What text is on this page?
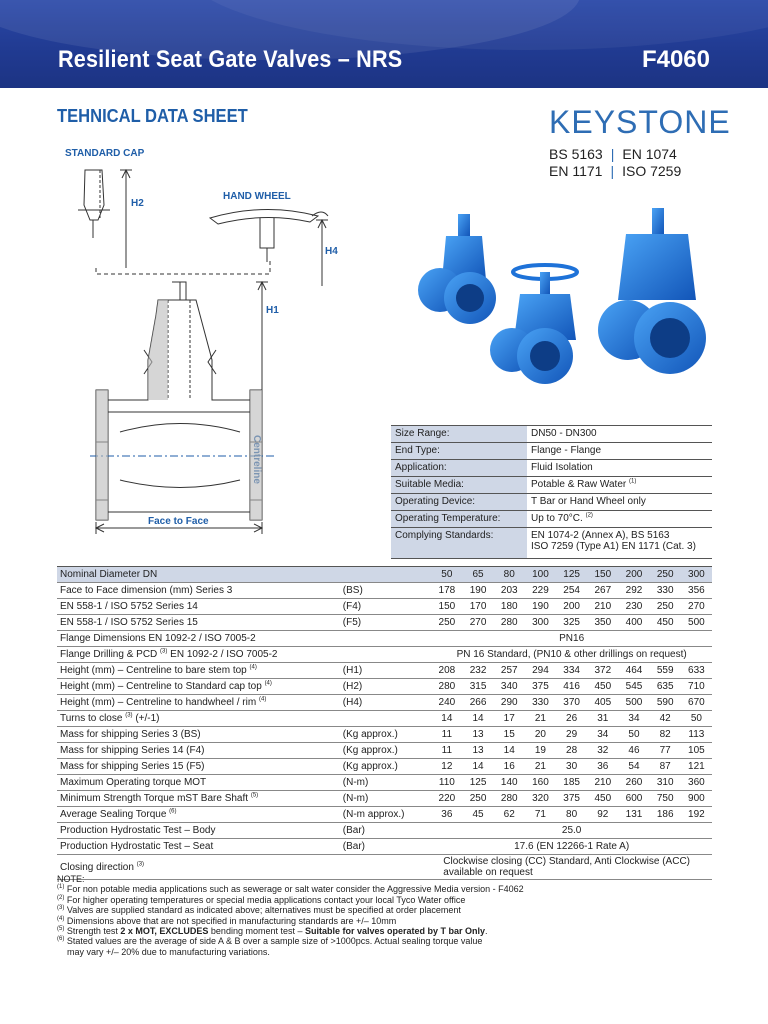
Resilient Seat Gate Valves – NRS	F4060
TEHNICAL DATA SHEET	KEYSTONE
BS 5163 | EN 1074
EN 1171 | ISO 7259
STANDARD CAP
HAND WHEEL
H2
H4
H1
Face to Face
Size Range:	DN50 - DN300
End Type:	Flange - Flange
Application:	Fluid Isolation
Suitable Media:	Potable & Raw Water $^{(1)}$
Operating Device:	T Bar or Hand Wheel only
Operating Temperature:	Up to 70°C. $^{(2)}$
Complying Standards:	EN 1074-2 (Annex A), BS 5163
ISO 7259 (Type A1) EN 1171 (Cat. 3)
Nominal Diameter DN		50	65	80	100	125	150	200	250	300
Face to Face dimension (mm) Series 3	(BS)	178	190	203	229	254	267	292	330	356
EN 558-1 / ISO 5752 Series 14	(F4)	150	170	180	190	200	210	230	250	270
EN 558-1 / ISO 5752 Series 15	(F5)	250	270	280	300	325	350	400	450	500
Flange Dimensions EN 1092-2 / ISO 7005-2		PN16								
Flange Drilling & PCD $^{(3)}$ EN 1092-2 / ISO 7005-2		PN 16 Standard, (PN10 & other drillings on request)								
Height (mm) – Centreline to bare stem top $^{(4)}$	(H1)	208	232	257	294	334	372	464	559	633
Height (mm) – Centreline to Standard cap top $^{(4)}$	(H2)	280	315	340	375	416	450	545	635	710
Height (mm) – Centreline to handwheel / rim $^{(4)}$	(H4)	240	266	290	330	370	405	500	590	670
Turns to close $^{(3)}$ (+/-1)		14	14	17	21	26	31	34	42	50
Mass for shipping Series 3 (BS)	(Kg approx.)	11	13	15	20	29	34	50	82	113
Mass for shipping Series 14 (F4)	(Kg approx.)	11	13	14	19	28	32	46	77	105
Mass for shipping Series 15 (F5)	(Kg approx.)	12	14	16	21	30	36	54	87	121
Maximum Operating torque MOT	(N-m)	110	125	140	160	185	210	260	310	360
Minimum Strength Torque mST Bare Shaft $^{(5)}$	(N-m)	220	250	280	320	375	450	600	750	900
Average Sealing Torque $^{(6)}$	(N-m approx.)	36	45	62	71	80	92	131	186	192
Production Hydrostatic Test – Body	(Bar)	25.0								
Production Hydrostatic Test – Seat	(Bar)	17.6 (EN 12266-1 Rate A)								
Closing direction $^{(3)}$		Clockwise closing (CC) Standard, Anti Clockwise (ACC)
available on request								
NOTE:
$^{(1)}$ For non potable media applications such as sewerage or salt water consider the Aggressive Media version - F4062
$^{(2)}$ For higher operating temperatures or special media applications contact your local Tyco Water office
$^{(3)}$ Valves are supplied standard as indicated above; alternatives must be specified at order placement
$^{(4)}$ Dimensions above that are not specified in manufacturing standards are +/– 10mm
$^{(5)}$ Strength test 2 x MOT, EXCLUDES bending moment test – Suitable for valves operated by T bar Only.
$^{(6)}$ Stated values are the average of side A & B over a sample size of >1000pcs. Actual sealing torque value
may vary +/– 20% due to manufacturing variations.
